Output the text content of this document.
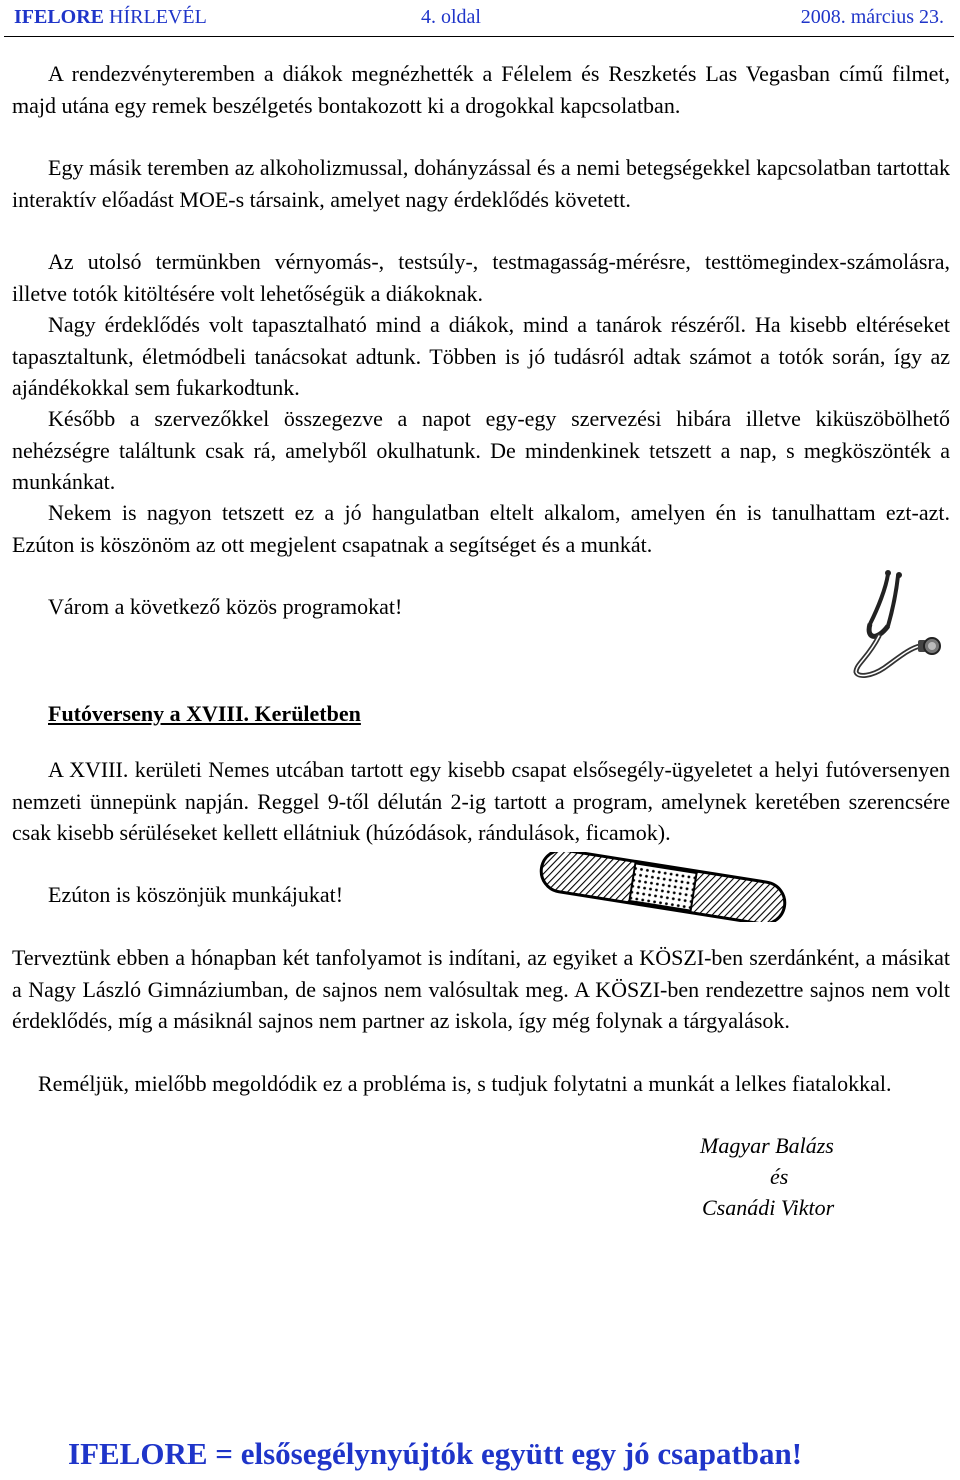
IFELORE HÍRLEVÉL	4. oldal	2008. március 23.

A rendezvényteremben a diákok megnézhették a Félelem és Reszketés Las Vegasban című filmet, majd utána egy remek beszélgetés bontakozott ki a drogokkal kapcsolatban.

Egy másik teremben az alkoholizmussal, dohányzással és a nemi betegségekkel kapcsolatban tartottak interaktív előadást MOE-s társaink, amelyet nagy érdeklődés követett.

Az utolsó termünkben vérnyomás-, testsúly-, testmagasság-mérésre, testtömegindex-számolásra, illetve totók kitöltésére volt lehetőségük a diákoknak.

Nagy érdeklődés volt tapasztalható mind a diákok, mind a tanárok részéről. Ha kisebb eltéréseket tapasztaltunk, életmódbeli tanácsokat adtunk. Többen is jó tudásról adtak számot a totók során, így az ajándékokkal sem fukarkodtunk.

Később a szervezőkkel összegezve a napot egy-egy szervezési hibára illetve kiküszöbölhető nehézségre találtunk csak rá, amelyből okulhatunk. De mindenkinek tetszett a nap, s megköszönték a munkánkat.

Nekem is nagyon tetszett ez a jó hangulatban eltelt alkalom, amelyen én is tanulhattam ezt-azt. Ezúton is köszönöm az ott megjelent csapatnak a segítséget és a munkát.

Várom a következő közös programokat!

Futóverseny a XVIII. Kerületben

A XVIII. kerületi Nemes utcában tartott egy kisebb csapat elsősegély-ügyeletet a helyi futóversenyen nemzeti ünnepünk napján. Reggel 9-től délután 2-ig tartott a program, amelynek keretében szerencsére csak kisebb sérüléseket kellett ellátniuk (húzódások, rándulások, ficamok).

Ezúton is köszönjük munkájukat!

Terveztünk ebben a hónapban két tanfolyamot is indítani, az egyiket a KÖSZI-ben szerdánként, a másikat a Nagy László Gimnáziumban, de sajnos nem valósultak meg. A KÖSZI-ben rendezettre sajnos nem volt érdeklődés, míg a másiknál sajnos nem partner az iskola, így még folynak a tárgyalások.

Reméljük, mielőbb megoldódik ez a probléma is, s tudjuk folytatni a munkát a lelkes fiatalokkal.

Magyar Balázs
és
Csanádi Viktor

IFELORE = elsősegélynyújtók együtt egy jó csapatban!
